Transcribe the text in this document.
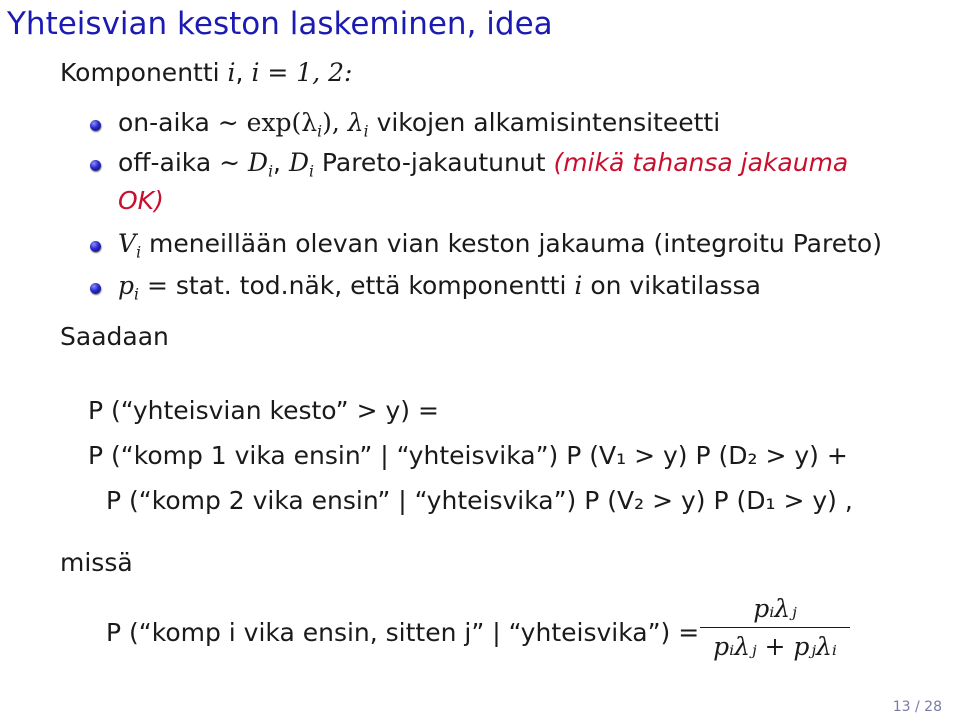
Yhteisvian keston laskeminen, idea
Komponentti i, i = 1, 2:
on-aika ∼ $\exp(\lambda_i)$, $\lambda_i$ vikojen alkamisintensiteetti
off-aika ∼ $D_i$, $D_i$ Pareto-jakautunut (mikä tahansa jakauma
OK)
$V_i$ meneillään olevan vian keston jakauma (integroitu Pareto)
$p_i$ = stat. tod.näk, että komponentti i on vikatilassa
Saadaan
P (“yhteisvian kesto” > y) =
P (“komp 1 vika ensin” | “yhteisvika”) P (V₁ > y) P (D₂ > y) +
P (“komp 2 vika ensin” | “yhteisvika”) P (V₂ > y) P (D₁ > y) ,
missä
P (“komp i vika ensin, sitten j” | “yhteisvika”) =
pᵢλⱼ
pᵢλⱼ + pⱼλᵢ
13 / 28
